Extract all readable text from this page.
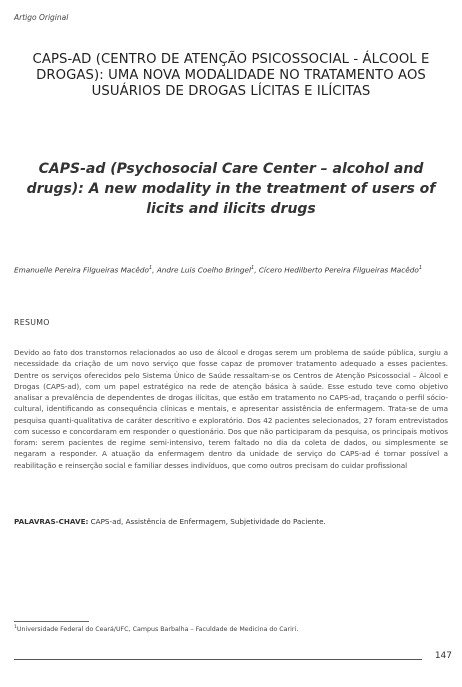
Artigo Original
CAPS-AD (CENTRO DE ATENÇÃO PSICOSSOCIAL - ÁLCOOL E DROGAS): UMA NOVA MODALIDADE NO TRATAMENTO AOS USUÁRIOS DE DROGAS LÍCITAS E ILÍCITAS
CAPS-ad (Psychosocial Care Center – alcohol and drugs): A new modality in the treatment of users of licits and ilicits drugs
Emanuelle Pereira Filgueiras Macêdo$^1$, Andre Luis Coelho Bringel$^1$, Cícero Hedilberto Pereira Filgueiras Macêdo$^1$
RESUMO

Devido ao fato dos transtornos relacionados ao uso de álcool e drogas serem um problema de saúde pública, surgiu a necessidade da criação de um novo serviço que fosse capaz de promover tratamento adequado a esses pacientes. Dentre os serviços oferecidos pelo Sistema Único de Saúde ressaltam-se os Centros de Atenção Psicossocial – Álcool e Drogas (CAPS-ad), com um papel estratégico na rede de atenção básica à saúde. Esse estudo teve como objetivo analisar a prevalência de dependentes de drogas ilícitas, que estão em tratamento no CAPS-ad, traçando o perfil sócio-cultural, identificando as consequência clínicas e mentais, e apresentar assistência de enfermagem. Trata-se de uma pesquisa quanti-qualitativa de caráter descritivo e exploratório. Dos 42 pacientes selecionados, 27 foram entrevistados com sucesso e concordaram em responder o questionário. Dos que não participaram da pesquisa, os principais motivos foram: serem pacientes de regime semi-intensivo, terem faltado no dia da coleta de dados, ou simplesmente se negaram a responder. A atuação da enfermagem dentro da unidade de serviço do CAPS-ad é tornar possível a reabilitação e reinserção social e familiar desses indivíduos, que como outros precisam do cuidar profissional

PALAVRAS-CHAVE: CAPS-ad, Assistência de Enfermagem, Subjetividade do Paciente.
$^1$Universidade Federal do Ceará/UFC, Campus Barbalha – Faculdade de Medicina do Cariri.
147
